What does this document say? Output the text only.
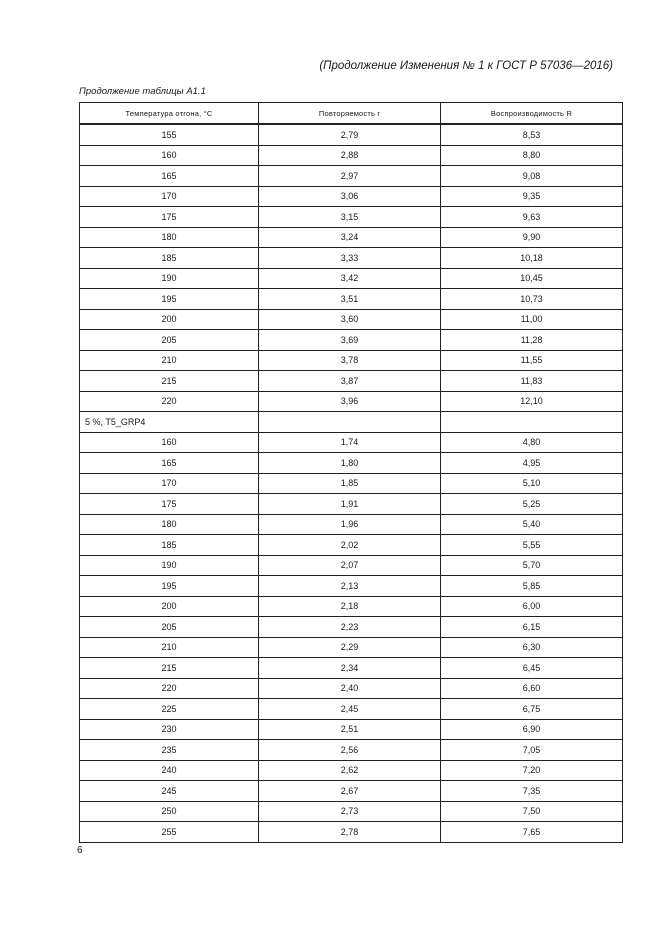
(Продолжение Изменения № 1 к ГОСТ Р 57036—2016)
Продолжение таблицы А1.1
Температура отгона, °С	Повторяемость r	Воспроизводимость R
155	2,79	8,53
160	2,88	8,80
165	2,97	9,08
170	3,06	9,35
175	3,15	9,63
180	3,24	9,90
185	3,33	10,18
190	3,42	10,45
195	3,51	10,73
200	3,60	11,00
205	3,69	11,28
210	3,78	11,55
215	3,87	11,83
220	3,96	12,10
5 %, T5_GRP4		
160	1,74	4,80
165	1,80	4,95
170	1,85	5,10
175	1,91	5,25
180	1,96	5,40
185	2,02	5,55
190	2,07	5,70
195	2,13	5,85
200	2,18	6,00
205	2,23	6,15
210	2,29	6,30
215	2,34	6,45
220	2,40	6,60
225	2,45	6,75
230	2,51	6,90
235	2,56	7,05
240	2,62	7,20
245	2,67	7,35
250	2,73	7,50
255	2,78	7,65
6
